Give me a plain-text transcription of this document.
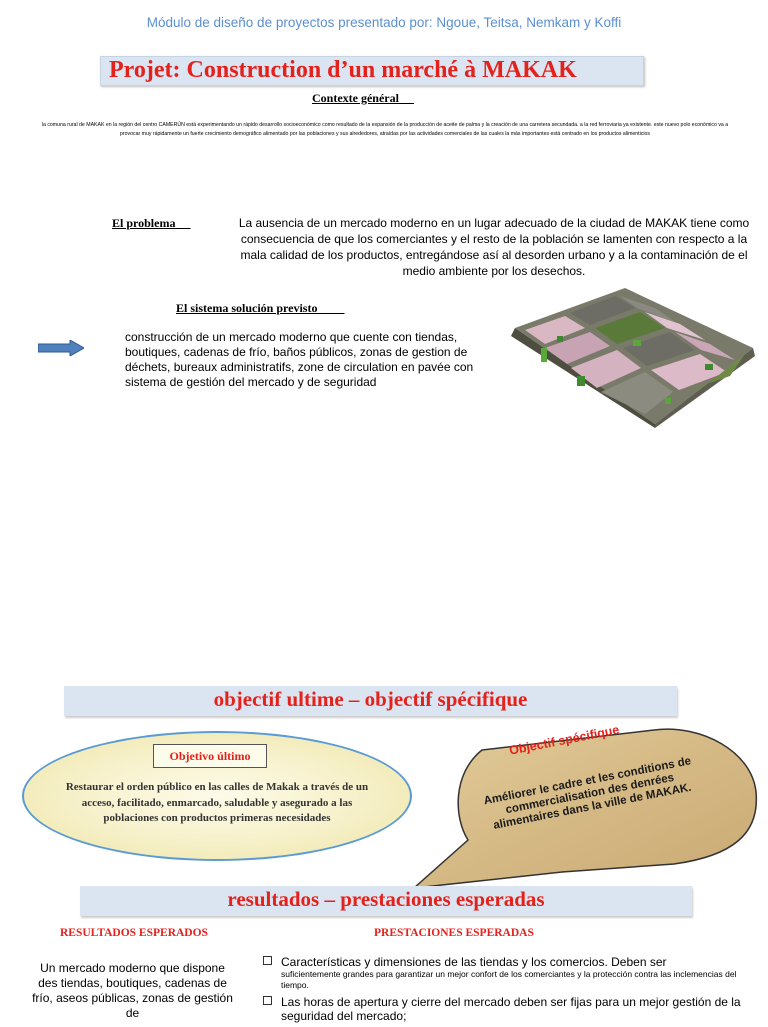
Módulo de diseño de proyectos presentado por: Ngoue, Teitsa, Nemkam y Koffi
Projet: Construction d’un marché à MAKAK
Contexte général
la comuna rural de MAKAK en la región del centro CAMERÚN está experimentando un rápido desarrollo socioeconómico como resultado de la expansión de la producción de aceite de palma y la creación de una carretera secundada. a la red ferroviaria ya existente. este nuevo polo económico va a provocar muy rápidamente un fuerte crecimiento demográfico alimentado por las poblaciones y sus alrededores, atraídas por las actividades comerciales de las cuales la más importantes está centrado en los productos alimenticios
El problema	La ausencia de un mercado moderno en un lugar adecuado de la ciudad de MAKAK tiene como consecuencia de que los comerciantes y el resto de la población se lamenten con respecto a la mala calidad de los productos, entregándose así al desorden urbano y a la contaminación de el medio ambiente por los desechos.
El sistema solución previsto
construcción de un mercado moderno que cuente con tiendas, boutiques, cadenas de frío, baños públicos, zonas de gestion de déchets, bureaux administratifs, zone de circulation en pavée con sistema de gestión del mercado y de seguridad
objectif ultime – objectif spécifique
Objetivo último
Restaurar el orden público en las calles de Makak a través de un acceso, facilitado, enmarcado, saludable y asegurado a las poblaciones con productos primeras necesidades
Objectif spécifique
Améliorer le cadre et les conditions de commercialisation des denrées alimentaires dans la ville de MAKAK.
resultados – prestaciones esperadas
RESULTADOS ESPERADOS	PRESTACIONES ESPERADAS
Un mercado moderno que dispone des tiendas, boutiques, cadenas de frío, aseos públicas, zonas de gestión de
Características y dimensiones de las tiendas y los comercios. Deben ser
suficientemente grandes para garantizar un mejor confort de los comerciantes y la protección contra las inclemencias del tiempo.
Las horas de apertura y cierre del mercado deben ser fijas para un mejor gestión de la seguridad del mercado;
